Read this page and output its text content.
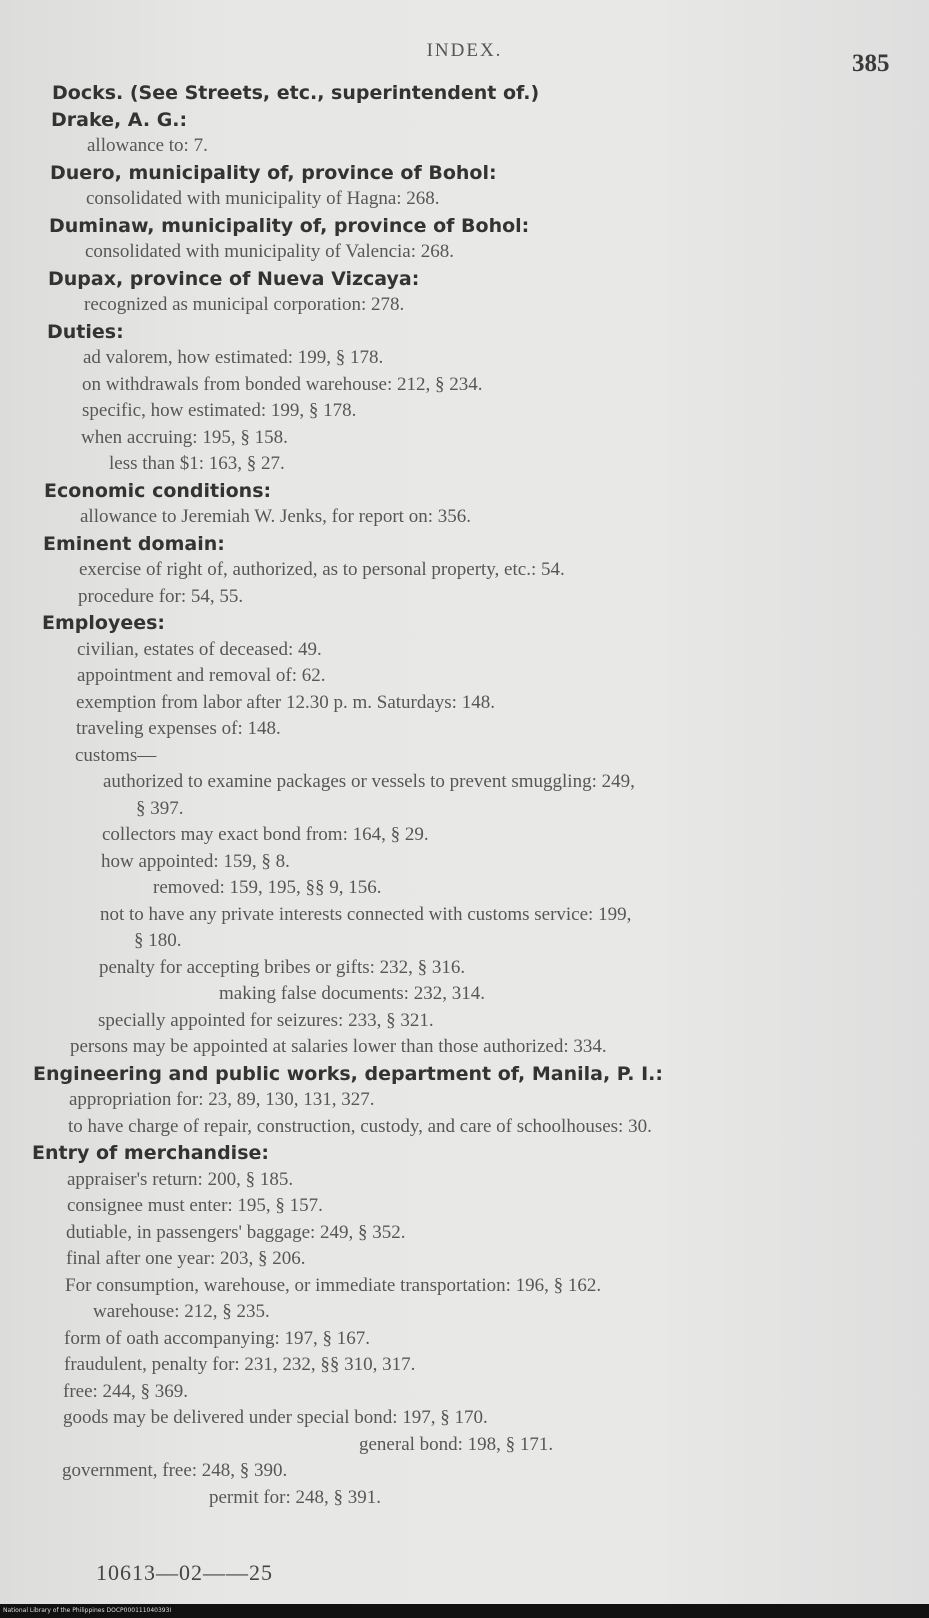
INDEX.	385
Docks. (See Streets, etc., superintendent of.)
Drake, A. G.:
allowance to: 7.
Duero, municipality of, province of Bohol:
consolidated with municipality of Hagna: 268.
Duminaw, municipality of, province of Bohol:
consolidated with municipality of Valencia: 268.
Dupax, province of Nueva Vizcaya:
recognized as municipal corporation: 278.
Duties:
ad valorem, how estimated: 199, § 178.
on withdrawals from bonded warehouse: 212, § 234.
specific, how estimated: 199, § 178.
when accruing: 195, § 158.
less than $1: 163, § 27.
Economic conditions:
allowance to Jeremiah W. Jenks, for report on: 356.
Eminent domain:
exercise of right of, authorized, as to personal property, etc.: 54.
procedure for: 54, 55.
Employees:
civilian, estates of deceased: 49.
appointment and removal of: 62.
exemption from labor after 12.30 p. m. Saturdays: 148.
traveling expenses of: 148.
customs—
authorized to examine packages or vessels to prevent smuggling: 249,
§ 397.
collectors may exact bond from: 164, § 29.
how appointed: 159, § 8.
removed: 159, 195, §§ 9, 156.
not to have any private interests connected with customs service: 199,
§ 180.
penalty for accepting bribes or gifts: 232, § 316.
making false documents: 232, 314.
specially appointed for seizures: 233, § 321.
persons may be appointed at salaries lower than those authorized: 334.
Engineering and public works, department of, Manila, P. I.:
appropriation for: 23, 89, 130, 131, 327.
to have charge of repair, construction, custody, and care of schoolhouses: 30.
Entry of merchandise:
appraiser's return: 200, § 185.
consignee must enter: 195, § 157.
dutiable, in passengers' baggage: 249, § 352.
final after one year: 203, § 206.
For consumption, warehouse, or immediate transportation: 196, § 162.
warehouse: 212, § 235.
form of oath accompanying: 197, § 167.
fraudulent, penalty for: 231, 232, §§ 310, 317.
free: 244, § 369.
goods may be delivered under special bond: 197, § 170.
general bond: 198, § 171.
government, free: 248, § 390.
permit for: 248, § 391.
10613—02——25
National Library of the Philippines DOCP000111040393I
